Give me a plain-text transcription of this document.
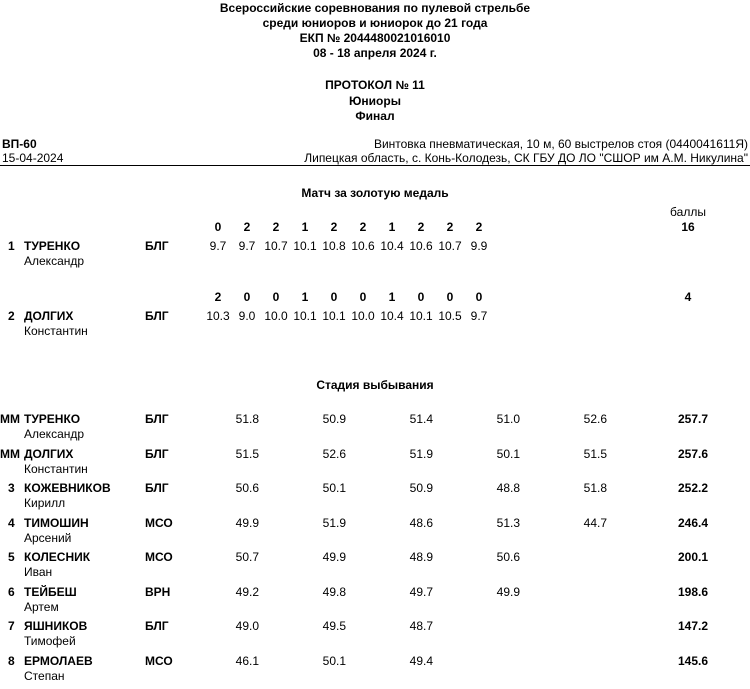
Всероссийские соревнования по пулевой стрельбе
среди юниоров и юниорок до 21 года
ЕКП № 2044480021016010
08 - 18 апреля 2024 г.
ПРОТОКОЛ № 11
Юниоры
Финал
ВП-60	Винтовка пневматическая, 10 м, 60 выстрелов стоя (0440041611Я)
15-04-2024	Липецкая область, с. Конь-Колодезь, СК ГБУ ДО ЛО "СШОР им А.М. Никулина"
Матч за золотую медаль
баллы
0	2	2	1	2	2	1	2	2	2	16
1 ТУРЕНКО
Александр
БЛГ	9.7	9.7 10.7 10.1 10.8 10.6 10.4 10.6 10.7 9.9
2	0	0	1	0	0	1	0	0	0	4
2 ДОЛГИХ
Константин
БЛГ	10.3 9.0 10.0 10.1 10.1 10.0 10.4 10.1 10.5 9.7
Стадия выбывания
ММ ТУРЕНКО
Александр
БЛГ	51.8	50.9	51.4	51.0	52.6	257.7
ММ ДОЛГИХ
Константин
БЛГ	51.5	52.6	51.9	50.1	51.5	257.6
3 КОЖЕВНИКОВ
Кирилл
БЛГ	50.6	50.1	50.9	48.8	51.8	252.2
4 ТИМОШИН
Арсений
МСО	49.9	51.9	48.6	51.3	44.7	246.4
5 КОЛЕСНИК
Иван
МСО	50.7	49.9	48.9	50.6	200.1
6 ТЕЙБЕШ
Артем
ВРН	49.2	49.8	49.7	49.9	198.6
7 ЯШНИКОВ
Тимофей
БЛГ	49.0	49.5	48.7	147.2
8 ЕРМОЛАЕВ
Степан
МСО	46.1	50.1	49.4	145.6
